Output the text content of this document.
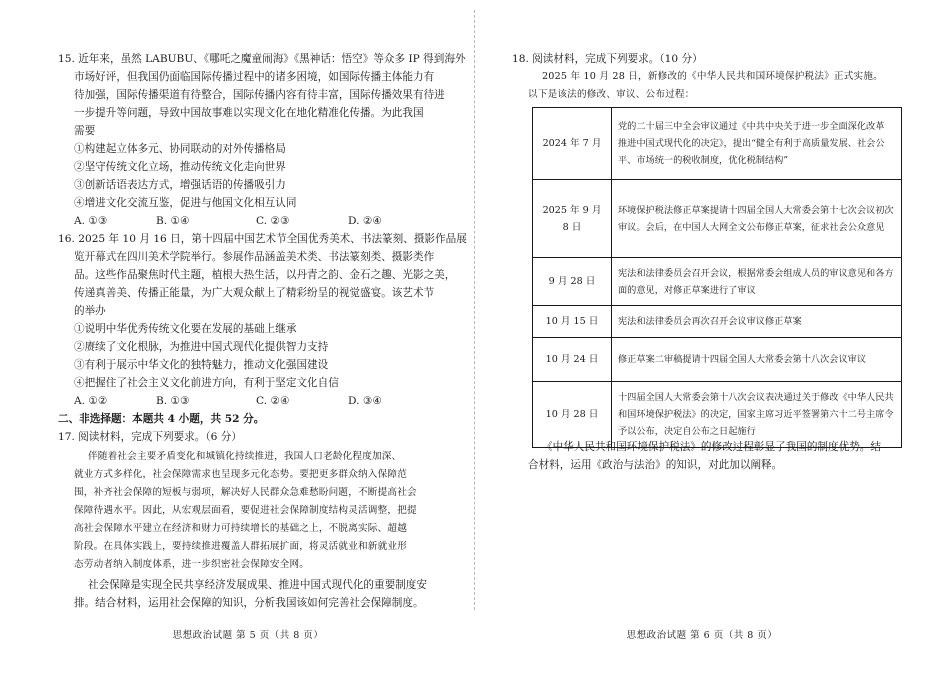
15. 近年来，虽然 LABUBU、《哪吒之魔童闹海》《黑神话：悟空》等众多 IP 得到海外
市场好评，但我国仍面临国际传播过程中的诸多困境，如国际传播主体能力有
待加强，国际传播渠道有待整合，国际传播内容有待丰富，国际传播效果有待进
一步提升等问题，导致中国故事难以实现文化在地化精准化传播。为此我国
需要
①构建起立体多元、协同联动的对外传播格局
②坚守传统文化立场，推动传统文化走向世界
③创新话语表达方式，增强话语的传播吸引力
④增进文化交流互鉴，促进与他国文化相互认同
A. ①③	B. ①④	C. ②③	D. ②④
16. 2025 年 10 月 16 日，第十四届中国艺术节全国优秀美术、书法篆刻、摄影作品展
览开幕式在四川美术学院举行。参展作品涵盖美术类、书法篆刻类、摄影类作
品。这些作品聚焦时代主题，植根大热生活，以丹青之韵、金石之趣、光影之美，
传递真善美、传播正能量，为广大观众献上了精彩纷呈的视觉盛宴。该艺术节
的举办
①说明中华优秀传统文化要在发展的基础上继承
②赓续了文化根脉，为推进中国式现代化提供智力支持
③有利于展示中华文化的独特魅力，推动文化强国建设
④把握住了社会主义文化前进方向，有利于坚定文化自信
A. ①②	B. ①③	C. ②④	D. ③④
二、非选择题：本题共 4 小题，共 52 分。
17. 阅读材料，完成下列要求。（6 分）
伴随着社会主要矛盾变化和城镇化持续推进，我国人口老龄化程度加深、
就业方式多样化，社会保障需求也呈现多元化态势。要把更多群众纳入保障范
围，补齐社会保障的短板与弱项，解决好人民群众急难愁盼问题，不断提高社会
保障待遇水平。因此，从宏观层面看，要促进社会保障制度结构灵活调整，把提
高社会保障水平建立在经济和财力可持续增长的基础之上，不脱离实际、超越
阶段。在具体实践上，要持续推进覆盖人群拓展扩面，将灵活就业和新就业形
态劳动者纳入制度体系，进一步织密社会保障安全网。
社会保障是实现全民共享经济发展成果、推进中国式现代化的重要制度安
排。结合材料，运用社会保障的知识，分析我国该如何完善社会保障制度。
思想政治试题 第 5 页（共 8 页）
18. 阅读材料，完成下列要求。（10 分）
2025 年 10 月 28 日，新修改的《中华人民共和国环境保护税法》正式实施。
以下是该法的修改、审议、公布过程：
2024 年 7 月	党的二十届三中全会审议通过《中共中央关于进一步全面深化改革 推进中国式现代化的决定》，提出“健全有利于高质量发展、社会公平、市场统一的税收制度，优化税制结构”
2025 年 9 月 8 日	环境保护税法修正草案提请十四届全国人大常委会第十七次会议初次审议。会后，在中国人大网全文公布修正草案，征求社会公众意见
9 月 28 日	宪法和法律委员会召开会议，根据常委会组成人员的审议意见和各方面的意见，对修正草案进行了审议
10 月 15 日	宪法和法律委员会再次召开会议审议修正草案
10 月 24 日	修正草案二审稿提请十四届全国人大常委会第十八次会议审议
10 月 28 日	十四届全国人大常委会第十八次会议表决通过关于修改《中华人民共和国环境保护税法》的决定，国家主席习近平签署第六十二号主席令予以公布，决定自公布之日起施行
《中华人民共和国环境保护税法》的修改过程彰显了我国的制度优势。结
合材料，运用《政治与法治》的知识，对此加以阐释。
思想政治试题 第 6 页（共 8 页）
